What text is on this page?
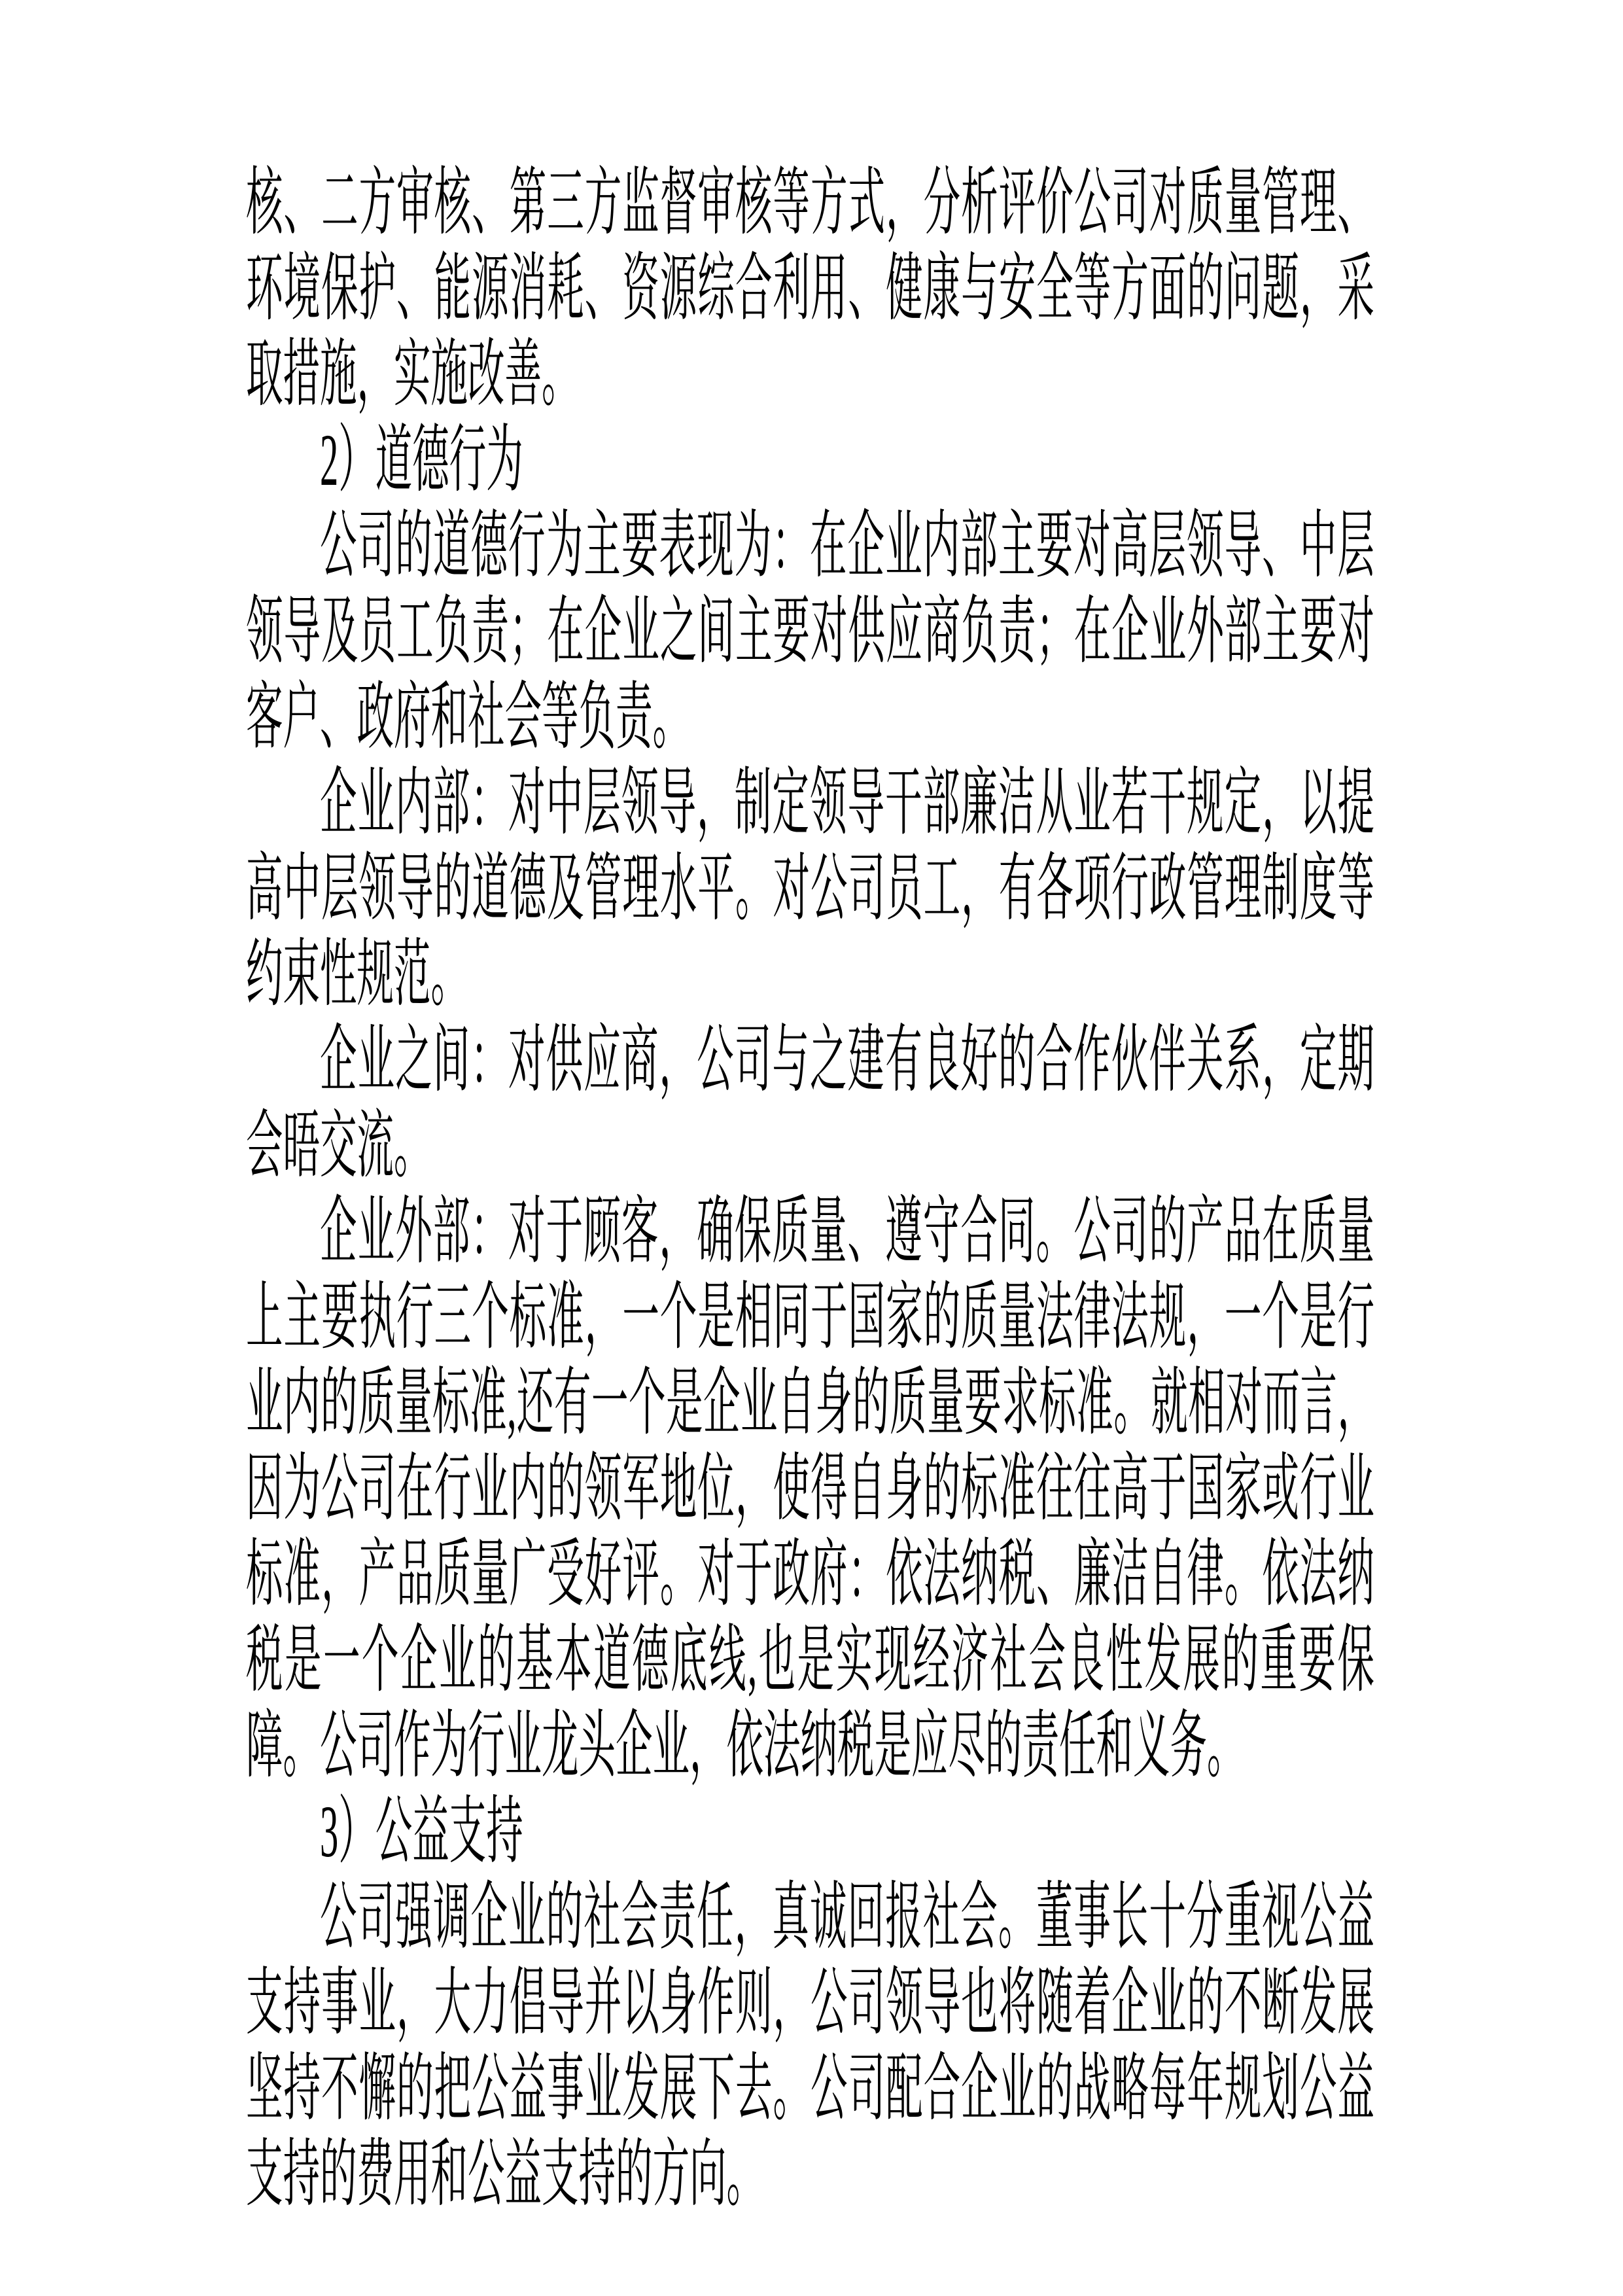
核、二方审核、第三方监督审核等方式，分析评价公司对质量管理、环境保护、能源消耗、资源综合利用、健康与安全等方面的问题，采取措施，实施改善。

2）道德行为

公司的道德行为主要表现为：在企业内部主要对高层领导、中层领导及员工负责；在企业之间主要对供应商负责；在企业外部主要对客户、政府和社会等负责。

企业内部：对中层领导，制定领导干部廉洁从业若干规定，以提高中层领导的道德及管理水平。对公司员工，有各项行政管理制度等约束性规范。

企业之间：对供应商，公司与之建有良好的合作伙伴关系，定期会晤交流。

企业外部：对于顾客，确保质量、遵守合同。公司的产品在质量上主要执行三个标准，一个是相同于国家的质量法律法规，一个是行业内的质量标准,还有一个是企业自身的质量要求标准。就相对而言，因为公司在行业内的领军地位，使得自身的标准往往高于国家或行业标准，产品质量广受好评。对于政府：依法纳税、廉洁自律。依法纳税是一个企业的基本道德底线,也是实现经济社会良性发展的重要保障。公司作为行业龙头企业，依法纳税是应尽的责任和义务。

3）公益支持

公司强调企业的社会责任，真诚回报社会。董事长十分重视公益支持事业，大力倡导并以身作则，公司领导也将随着企业的不断发展坚持不懈的把公益事业发展下去。公司配合企业的战略每年规划公益支持的费用和公益支持的方向。
